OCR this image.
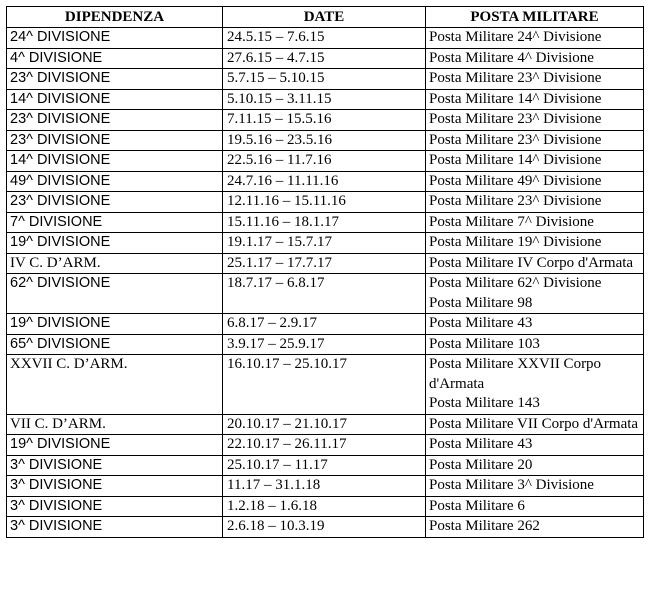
DIPENDENZA	DATE	POSTA MILITARE
24^ DIVISIONE	24.5.15 – 7.6.15	Posta Militare 24^ Divisione

4^ DIVISIONE	27.6.15 – 4.7.15	Posta Militare 4^ Divisione

23^ DIVISIONE	5.7.15 – 5.10.15	Posta Militare 23^ Divisione

14^ DIVISIONE	5.10.15 – 3.11.15	Posta Militare 14^ Divisione

23^ DIVISIONE	7.11.15 – 15.5.16	Posta Militare 23^ Divisione

23^ DIVISIONE	19.5.16 – 23.5.16	Posta Militare 23^ Divisione

14^ DIVISIONE	22.5.16 – 11.7.16	Posta Militare 14^ Divisione

49^ DIVISIONE	24.7.16 – 11.11.16	Posta Militare 49^ Divisione

23^ DIVISIONE	12.11.16 – 15.11.16	Posta Militare 23^ Divisione

7^ DIVISIONE	15.11.16 – 18.1.17	Posta Militare 7^ Divisione

19^ DIVISIONE	19.1.17 – 15.7.17	Posta Militare 19^ Divisione

IV C. D’ARM.	25.1.17 – 17.7.17	Posta Militare IV Corpo d'Armata

62^ DIVISIONE	18.7.17 – 6.8.17	Posta Militare 62^ Divisione
Posta Militare 98

19^ DIVISIONE	6.8.17 – 2.9.17	Posta Militare 43

65^ DIVISIONE	3.9.17 – 25.9.17	Posta Militare 103

XXVII C. D’ARM.	16.10.17 – 25.10.17	Posta Militare XXVII Corpo d'Armata
Posta Militare 143

VII C. D’ARM.	20.10.17 – 21.10.17	Posta Militare VII Corpo d'Armata

19^ DIVISIONE	22.10.17 – 26.11.17	Posta Militare 43

3^ DIVISIONE	25.10.17 – 11.17	Posta Militare 20

3^ DIVISIONE	11.17 – 31.1.18	Posta Militare 3^ Divisione

3^ DIVISIONE	1.2.18 – 1.6.18	Posta Militare 6

3^ DIVISIONE	2.6.18 – 10.3.19	Posta Militare 262
